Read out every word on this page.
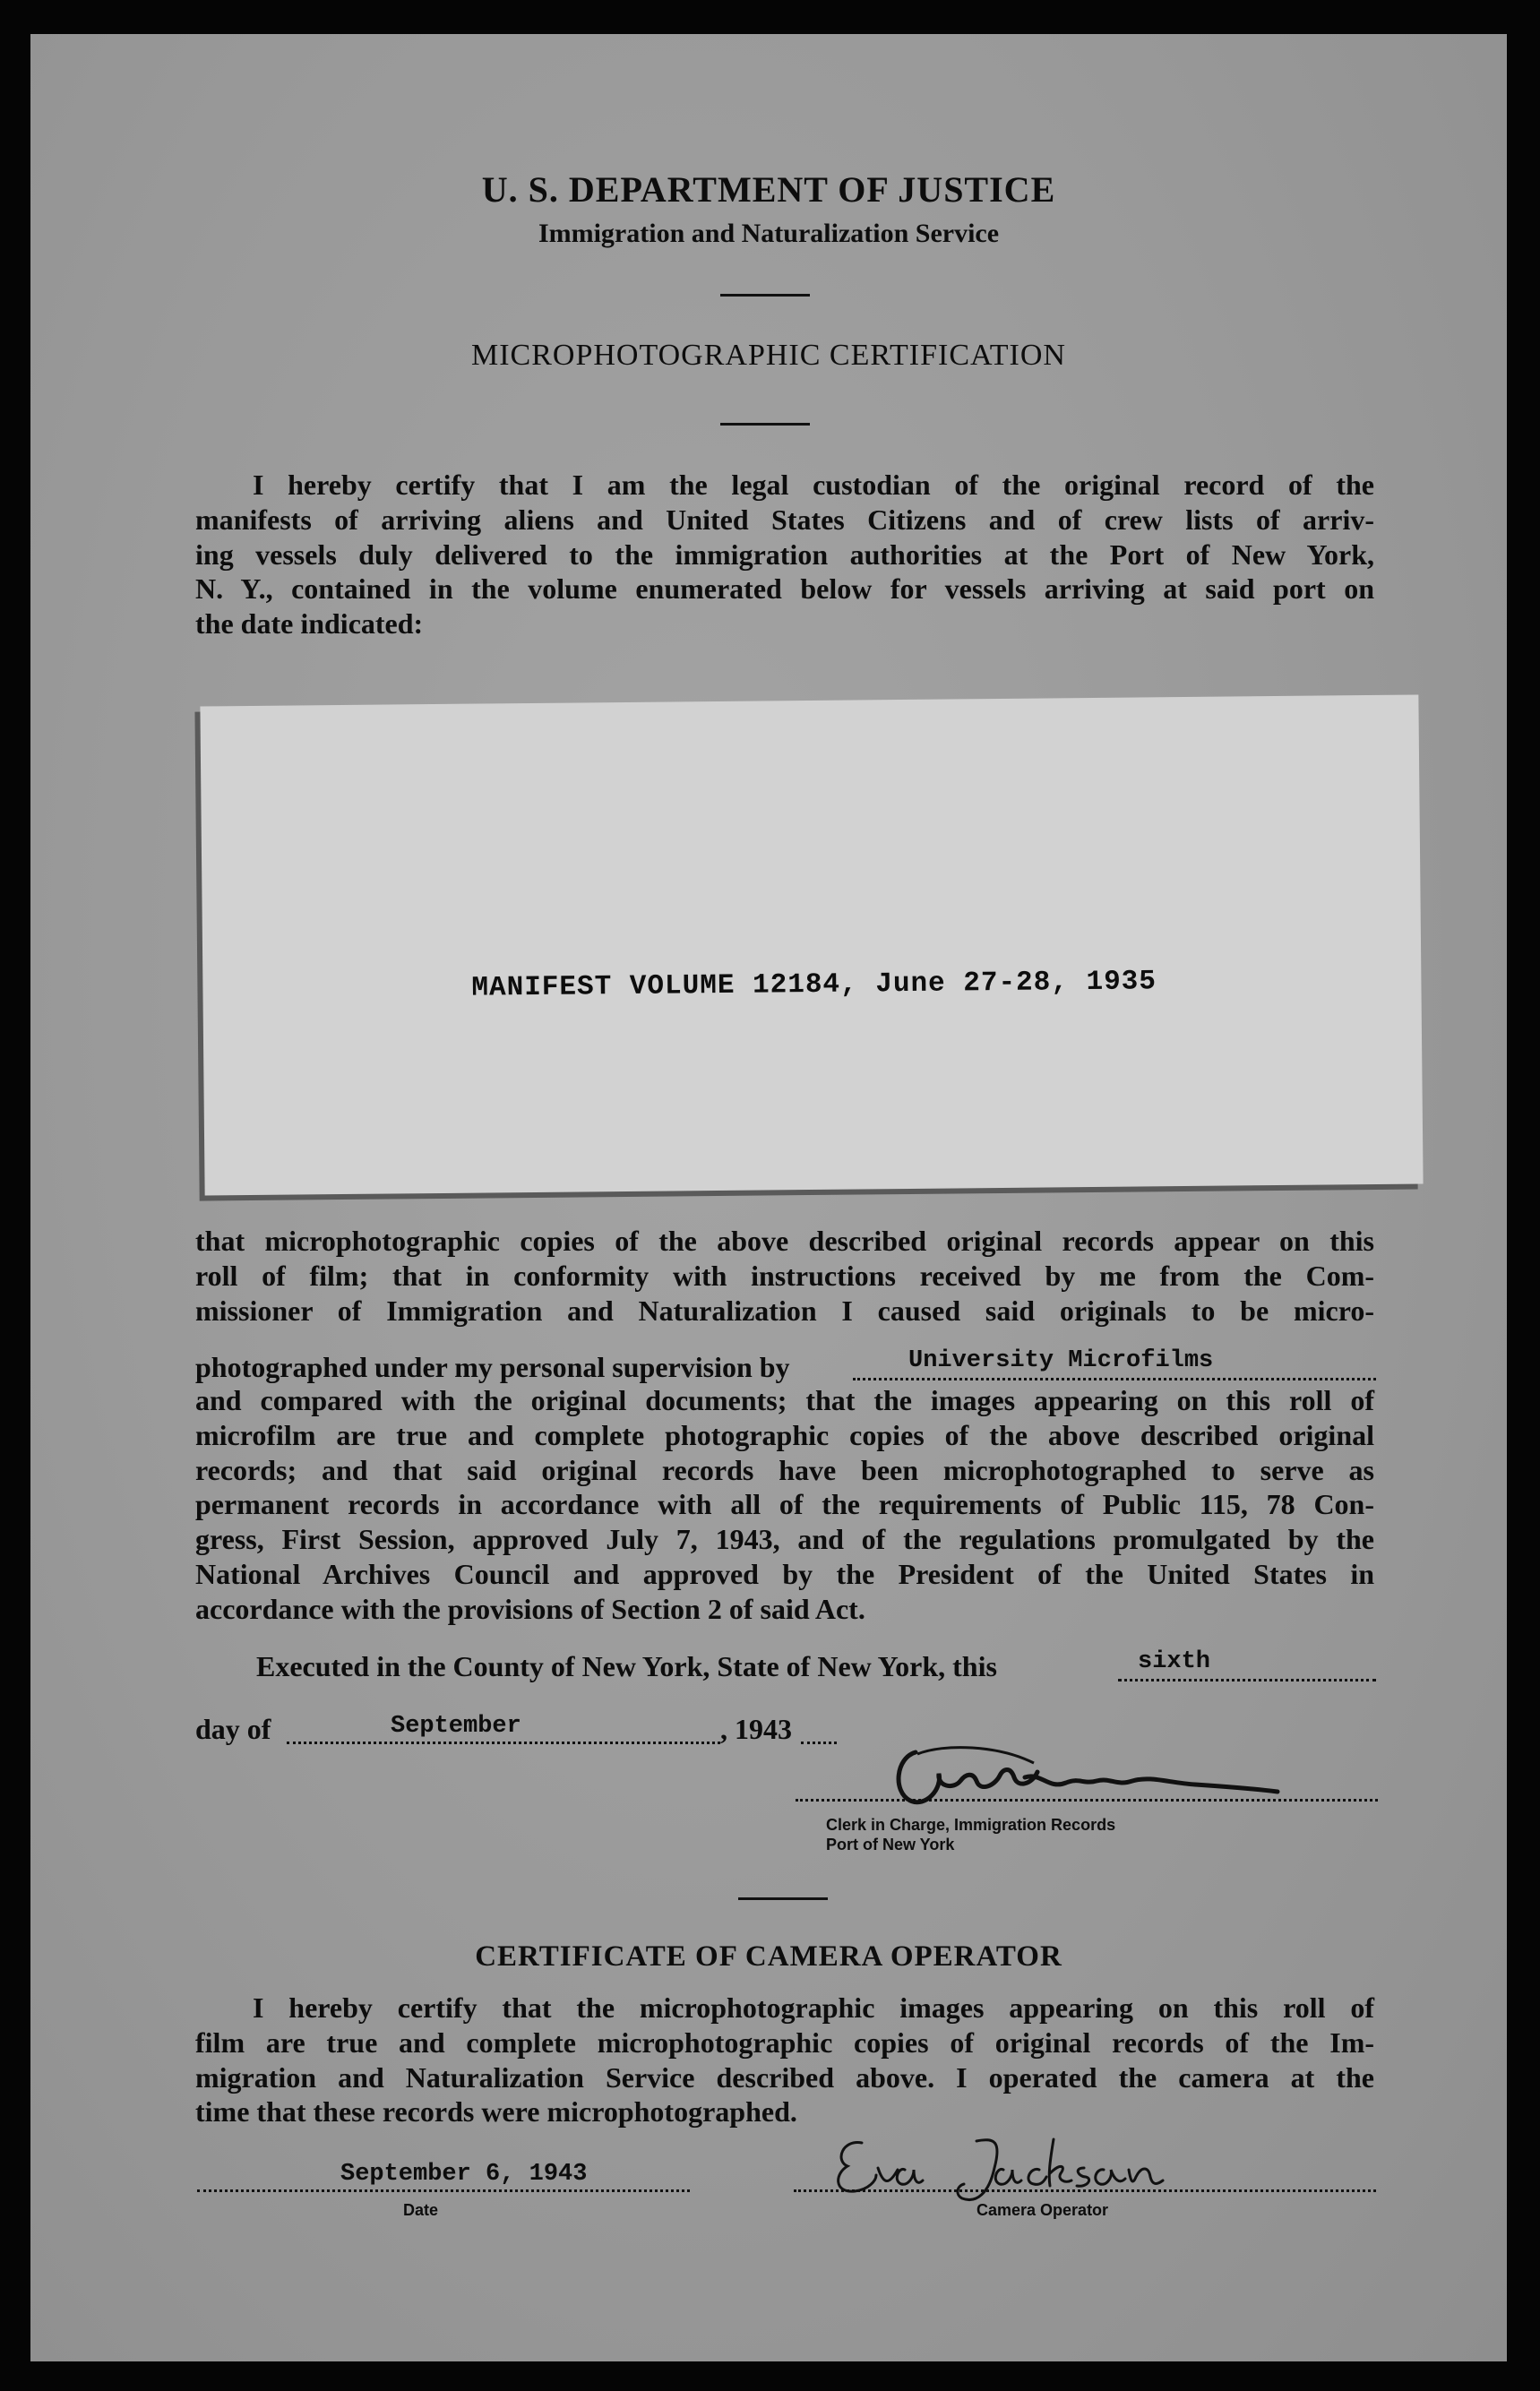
U. S. DEPARTMENT OF JUSTICE
Immigration and Naturalization Service
MICROPHOTOGRAPHIC CERTIFICATION
I hereby certify that I am the legal custodian of the original record of the
manifests of arriving aliens and United States Citizens and of crew lists of arriv-
ing vessels duly delivered to the immigration authorities at the Port of New York,
N. Y., contained in the volume enumerated below for vessels arriving at said port on
the date indicated:
MANIFEST VOLUME 12184, June 27-28, 1935
that microphotographic copies of the above described original records appear on this
roll of film; that in conformity with instructions received by me from the Com-
missioner of Immigration and Naturalization I caused said originals to be micro-
photographed under my personal supervision by	University Microfilms
and compared with the original documents; that the images appearing on this roll of
microfilm are true and complete photographic copies of the above described original
records; and that said original records have been microphotographed to serve as
permanent records in accordance with all of the requirements of Public 115, 78 Con-
gress, First Session, approved July 7, 1943, and of the regulations promulgated by the
National Archives Council and approved by the President of the United States in
accordance with the provisions of Section 2 of said Act.
Executed in the County of New York, State of New York, this	sixth
day of	September	, 1943
Clerk in Charge, Immigration Records
Port of New York
CERTIFICATE OF CAMERA OPERATOR
I hereby certify that the microphotographic images appearing on this roll of
film are true and complete microphotographic copies of original records of the Im-
migration and Naturalization Service described above. I operated the camera at the
time that these records were microphotographed.
September 6, 1943
Date	Camera Operator
